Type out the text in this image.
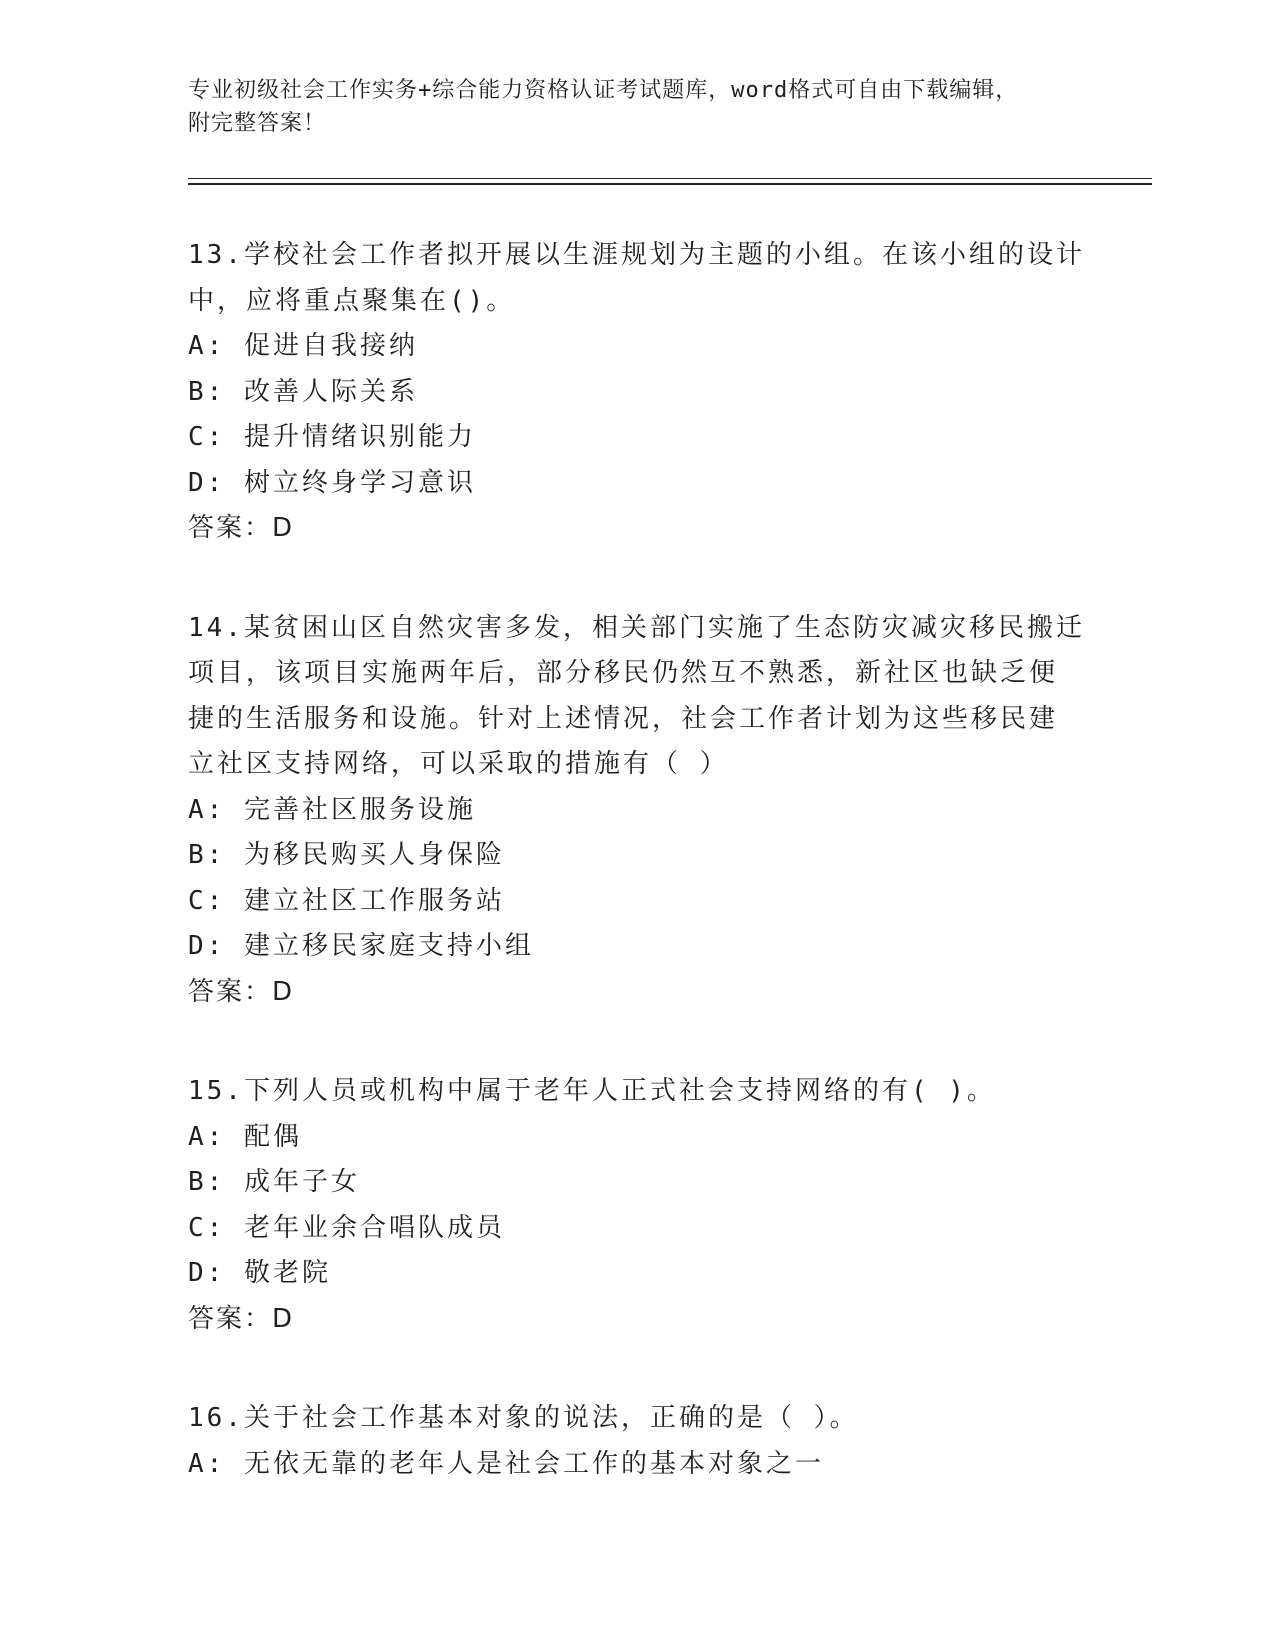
专业初级社会工作实务+综合能力资格认证考试题库，word格式可自由下载编辑，
附完整答案！

13.学校社会工作者拟开展以生涯规划为主题的小组。在该小组的设计

中，应将重点聚集在()。

A: 促进自我接纳

B: 改善人际关系

C: 提升情绪识别能力

D: 树立终身学习意识

答案：D

14.某贫困山区自然灾害多发，相关部门实施了生态防灾减灾移民搬迁

项目，该项目实施两年后，部分移民仍然互不熟悉，新社区也缺乏便

捷的生活服务和设施。针对上述情况，社会工作者计划为这些移民建

立社区支持网络，可以采取的措施有（ ）

A: 完善社区服务设施

B: 为移民购买人身保险

C: 建立社区工作服务站

D: 建立移民家庭支持小组

答案：D

15.下列人员或机构中属于老年人正式社会支持网络的有( )。

A: 配偶

B: 成年子女

C: 老年业余合唱队成员

D: 敬老院

答案：D

16.关于社会工作基本对象的说法，正确的是（ ）。

A: 无依无靠的老年人是社会工作的基本对象之一
